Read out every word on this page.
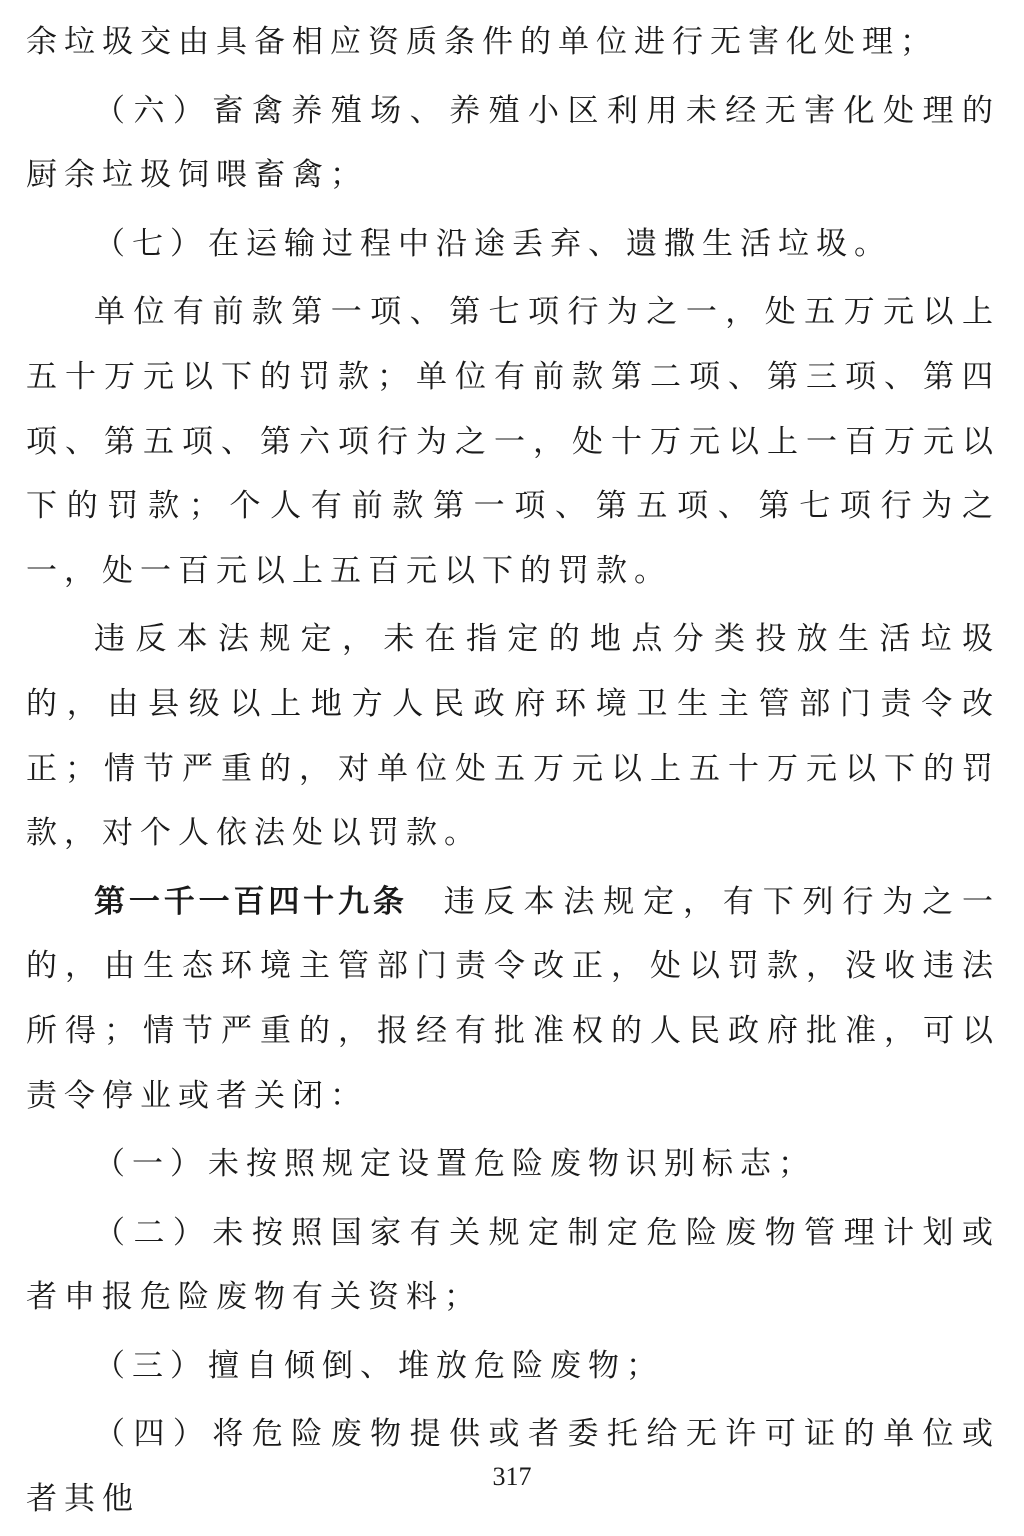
余垃圾交由具备相应资质条件的单位进行无害化处理；

（六）畜禽养殖场、养殖小区利用未经无害化处理的厨余垃圾饲喂畜禽；

（七）在运输过程中沿途丢弃、遗撒生活垃圾。

单位有前款第一项、第七项行为之一，处五万元以上五十万元以下的罚款；单位有前款第二项、第三项、第四项、第五项、第六项行为之一，处十万元以上一百万元以下的罚款；个人有前款第一项、第五项、第七项行为之一，处一百元以上五百元以下的罚款。

违反本法规定，未在指定的地点分类投放生活垃圾的，由县级以上地方人民政府环境卫生主管部门责令改正；情节严重的，对单位处五万元以上五十万元以下的罚款，对个人依法处以罚款。

第一千一百四十九条 违反本法规定，有下列行为之一的，由生态环境主管部门责令改正，处以罚款，没收违法所得；情节严重的，报经有批准权的人民政府批准，可以责令停业或者关闭：

（一）未按照规定设置危险废物识别标志；

（二）未按照国家有关规定制定危险废物管理计划或者申报危险废物有关资料；

（三）擅自倾倒、堆放危险废物；

（四）将危险废物提供或者委托给无许可证的单位或者其他

317
